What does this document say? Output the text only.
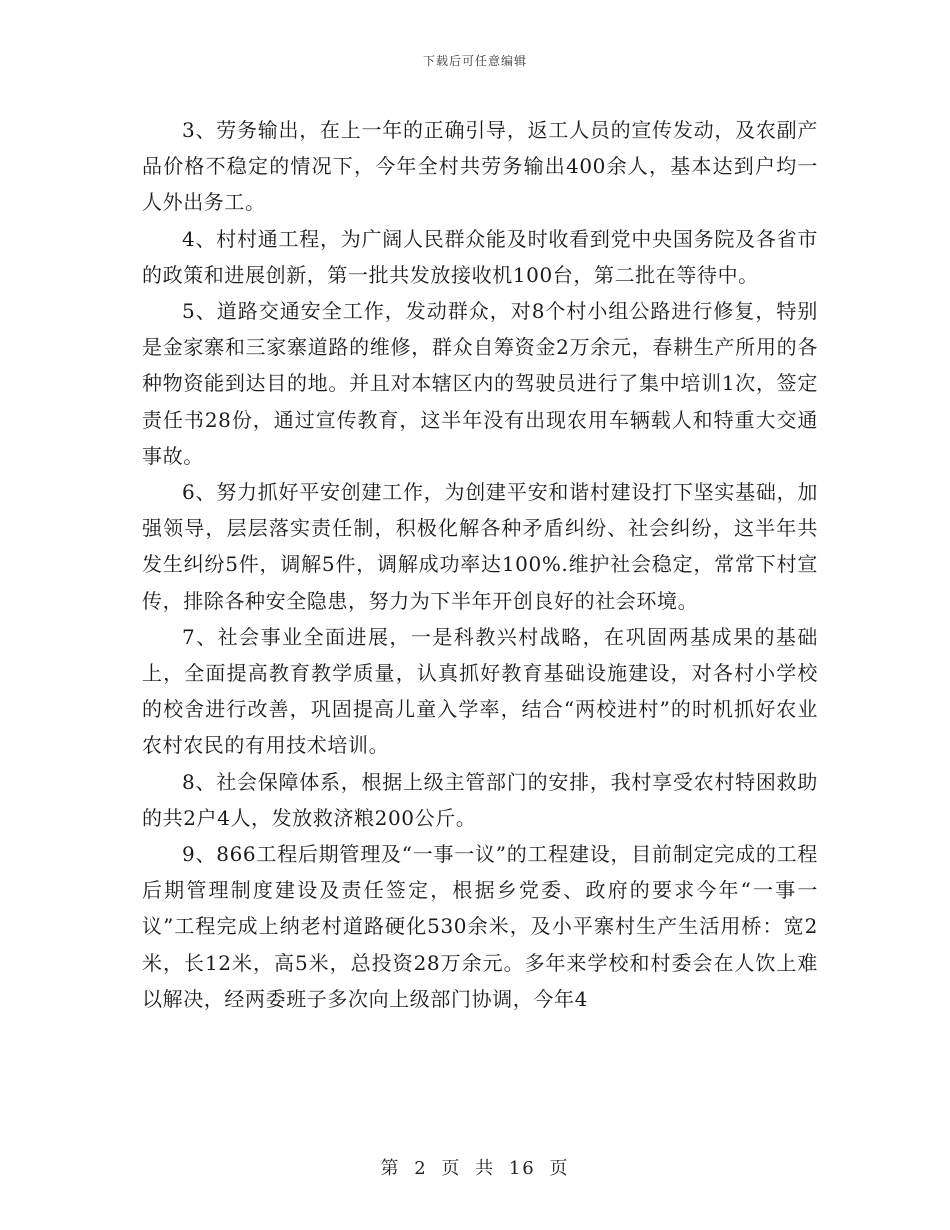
下载后可任意编辑

3、劳务输出，在上一年的正确引导，返工人员的宣传发动，及农副产品价格不稳定的情况下，今年全村共劳务输出400余人，基本达到户均一人外出务工。

4、村村通工程，为广阔人民群众能及时收看到党中央国务院及各省市的政策和进展创新，第一批共发放接收机100台，第二批在等待中。

5、道路交通安全工作，发动群众，对8个村小组公路进行修复，特别是金家寨和三家寨道路的维修，群众自筹资金2万余元，春耕生产所用的各种物资能到达目的地。并且对本辖区内的驾驶员进行了集中培训1次，签定责任书28份，通过宣传教育，这半年没有出现农用车辆载人和特重大交通事故。

6、努力抓好平安创建工作，为创建平安和谐村建设打下坚实基础，加强领导，层层落实责任制，积极化解各种矛盾纠纷、社会纠纷，这半年共发生纠纷5件，调解5件，调解成功率达100%.维护社会稳定，常常下村宣传，排除各种安全隐患，努力为下半年开创良好的社会环境。

7、社会事业全面进展，一是科教兴村战略，在巩固两基成果的基础上，全面提高教育教学质量，认真抓好教育基础设施建设，对各村小学校的校舍进行改善，巩固提高儿童入学率，结合“两校进村”的时机抓好农业农村农民的有用技术培训。

8、社会保障体系，根据上级主管部门的安排，我村享受农村特困救助的共2户4人，发放救济粮200公斤。

9、866工程后期管理及“一事一议”的工程建设，目前制定完成的工程后期管理制度建设及责任签定，根据乡党委、政府的要求今年“一事一议”工程完成上纳老村道路硬化530余米，及小平寨村生产生活用桥：宽2米，长12米，高5米，总投资28万余元。多年来学校和村委会在人饮上难以解决，经两委班子多次向上级部门协调，今年4

第 2 页 共 16 页
